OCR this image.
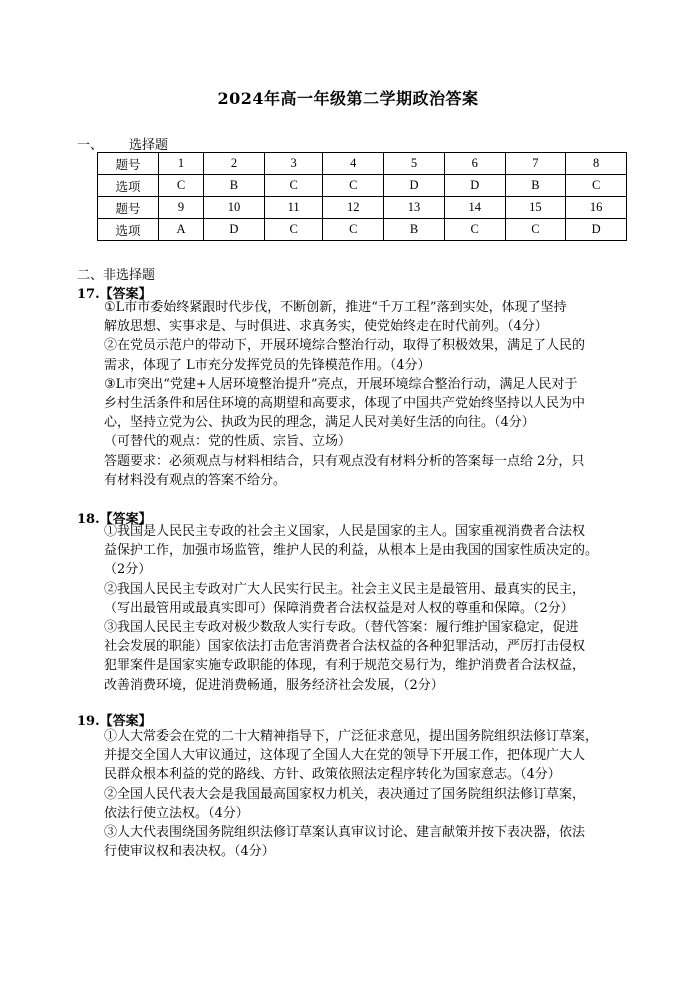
2024年高一年级第二学期政治答案
一、 选择题
题号	1	2	3	4	5	6	7	8
选项	C	B	C	C	D	D	B	C
题号	9	10	11	12	13	14	15	16
选项	A	D	C	C	B	C	C	D
二、非选择题
17.【答案】

①L市市委始终紧跟时代步伐，不断创新，推进“千万工程”落到实处，体现了坚持

解放思想、实事求是、与时俱进、求真务实，使党始终走在时代前列。（4分）

②在党员示范户的带动下，开展环境综合整治行动，取得了积极效果，满足了人民的

需求，体现了 L市充分发挥党员的先锋模范作用。（4分）

③L市突出“党建+人居环境整治提升”亮点，开展环境综合整治行动，满足人民对于

乡村生活条件和居住环境的高期望和高要求，体现了中国共产党始终坚持以人民为中

心，坚持立党为公、执政为民的理念，满足人民对美好生活的向往。（4分）

（可替代的观点：党的性质、宗旨、立场）

答题要求：必须观点与材料相结合，只有观点没有材料分析的答案每一点给 2分，只

有材料没有观点的答案不给分。

18.【答案】

①我国是人民民主专政的社会主义国家，人民是国家的主人。国家重视消费者合法权

益保护工作，加强市场监管，维护人民的利益，从根本上是由我国的国家性质决定的。

（2分）

②我国人民民主专政对广大人民实行民主。社会主义民主是最管用、最真实的民主，

（写出最管用或最真实即可）保障消费者合法权益是对人权的尊重和保障。（2分）

③我国人民民主专政对极少数敌人实行专政。（替代答案：履行维护国家稳定，促进

社会发展的职能）国家依法打击危害消费者合法权益的各种犯罪活动，严厉打击侵权

犯罪案件是国家实施专政职能的体现，有利于规范交易行为，维护消费者合法权益，

改善消费环境，促进消费畅通，服务经济社会发展，（2分）

19.【答案】

①人大常委会在党的二十大精神指导下，广泛征求意见，提出国务院组织法修订草案，

并提交全国人大审议通过，这体现了全国人大在党的领导下开展工作，把体现广大人

民群众根本利益的党的路线、方针、政策依照法定程序转化为国家意志。（4分）

②全国人民代表大会是我国最高国家权力机关，表决通过了国务院组织法修订草案，

依法行使立法权。（4分）

③人大代表围绕国务院组织法修订草案认真审议讨论、建言献策并按下表决器，依法

行使审议权和表决权。（4分）
